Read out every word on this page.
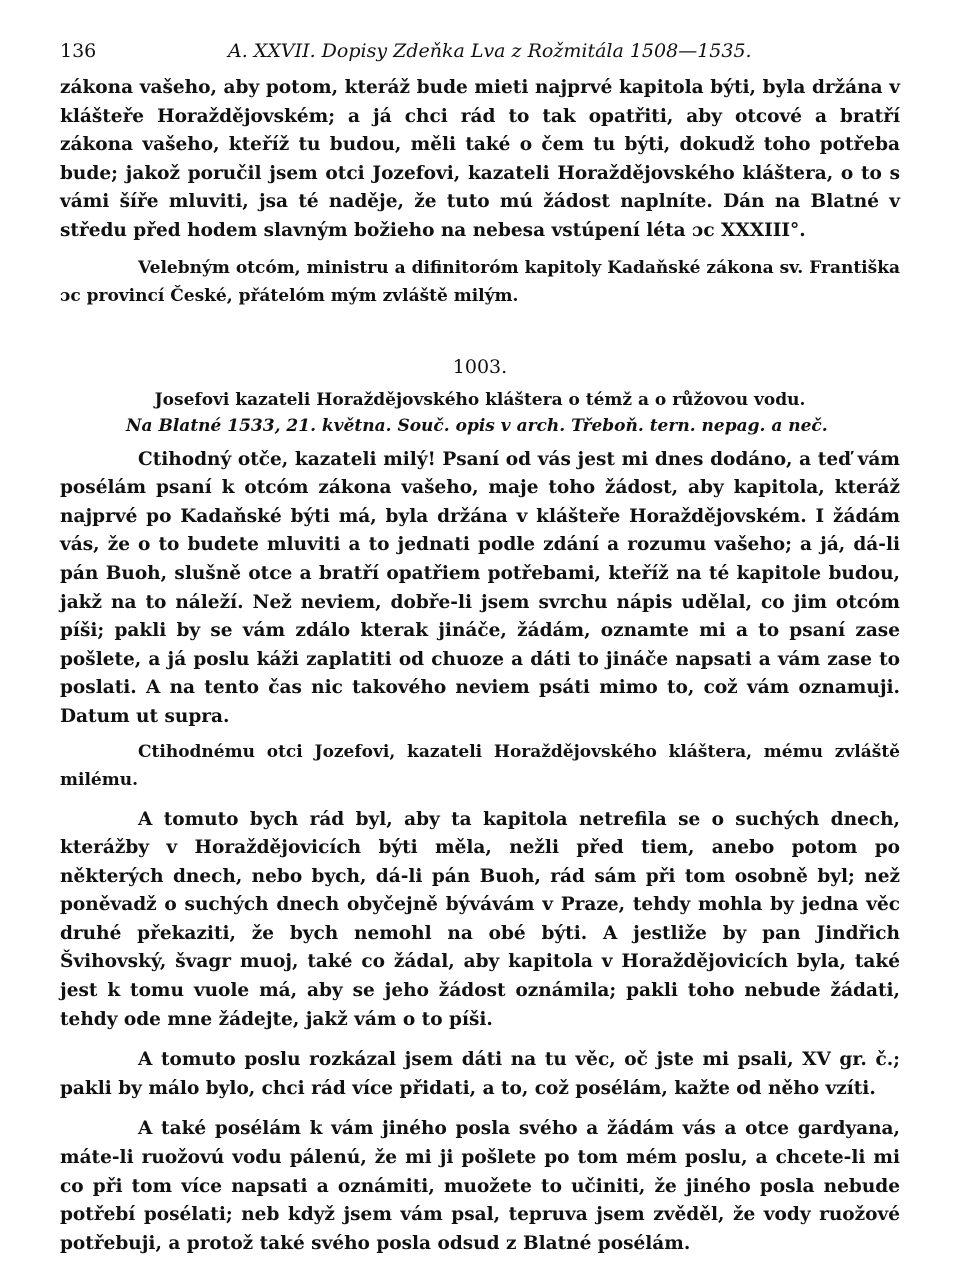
136	A. XXVII. Dopisy Zdeňka Lva z Rožmitála 1508—1535.

zákona vašeho, aby potom, kteráž bude mieti najprvé kapitola býti, byla držána v klášteře Horaždějovském; a já chci rád to tak opatřiti, aby otcové a bratří zákona vašeho, kteříž tu budou, měli také o čem tu býti, dokudž toho potřeba bude; jakož poručil jsem otci Jozefovi, kazateli Horaždějovského kláštera, o to s vámi šíře mluviti, jsa té naděje, že tuto mú žádost naplníte. Dán na Blatné v středu před hodem slavným božieho na nebesa vstúpení léta ɔc XXXIII°.

Velebným otcóm, ministru a difinitoróm kapitoly Kadaňské zákona sv. Františka ɔc provincí České, přátelóm mým zvláště milým.

1003.

Josefovi kazateli Horaždějovského kláštera o témž a o růžovou vodu.

Na Blatné 1533, 21. května. Souč. opis v arch. Třeboň. tern. nepag. a neč.

Ctihodný otče, kazateli milý! Psaní od vás jest mi dnes dodáno, a teď vám posélám psaní k otcóm zákona vašeho, maje toho žádost, aby kapitola, kteráž najprvé po Kadaňské býti má, byla držána v klášteře Horaždějovském. I žádám vás, že o to budete mluviti a to jednati podle zdání a rozumu vašeho; a já, dá-li pán Buoh, slušně otce a bratří opatřiem potřebami, kteříž na té kapitole budou, jakž na to náleží. Než neviem, dobře-li jsem svrchu nápis udělal, co jim otcóm píši; pakli by se vám zdálo kterak jináče, žádám, oznamte mi a to psaní zase pošlete, a já poslu káži zaplatiti od chuoze a dáti to jináče napsati a vám zase to poslati. A na tento čas nic takového neviem psáti mimo to, což vám oznamuji. Datum ut supra.

Ctihodnému otci Jozefovi, kazateli Horaždějovského kláštera, mému zvláště milému.

A tomuto bych rád byl, aby ta kapitola netrefila se o suchých dnech, kterážby v Horaždějovicích býti měla, nežli před tiem, anebo potom po některých dnech, nebo bych, dá-li pán Buoh, rád sám při tom osobně byl; než poněvadž o suchých dnech obyčejně bývávám v Praze, tehdy mohla by jedna věc druhé překaziti, že bych nemohl na obé býti. A jestliže by pan Jindřich Švihovský, švagr muoj, také co žádal, aby kapitola v Horaždějovicích byla, také jest k tomu vuole má, aby se jeho žádost oznámila; pakli toho nebude žádati, tehdy ode mne žádejte, jakž vám o to píši.

A tomuto poslu rozkázal jsem dáti na tu věc, oč jste mi psali, XV gr. č.; pakli by málo bylo, chci rád více přidati, a to, což posélám, kažte od něho vzíti.

A také posélám k vám jiného posla svého a žádám vás a otce gardyana, máte-li ruožovú vodu pálenú, že mi ji pošlete po tom mém poslu, a chcete-li mi co při tom více napsati a oznámiti, muožete to učiniti, že jiného posla nebude potřebí posélati; neb když jsem vám psal, tepruva jsem zvěděl, že vody ruožové potřebuji, a protož také svého posla odsud z Blatné posélám.
